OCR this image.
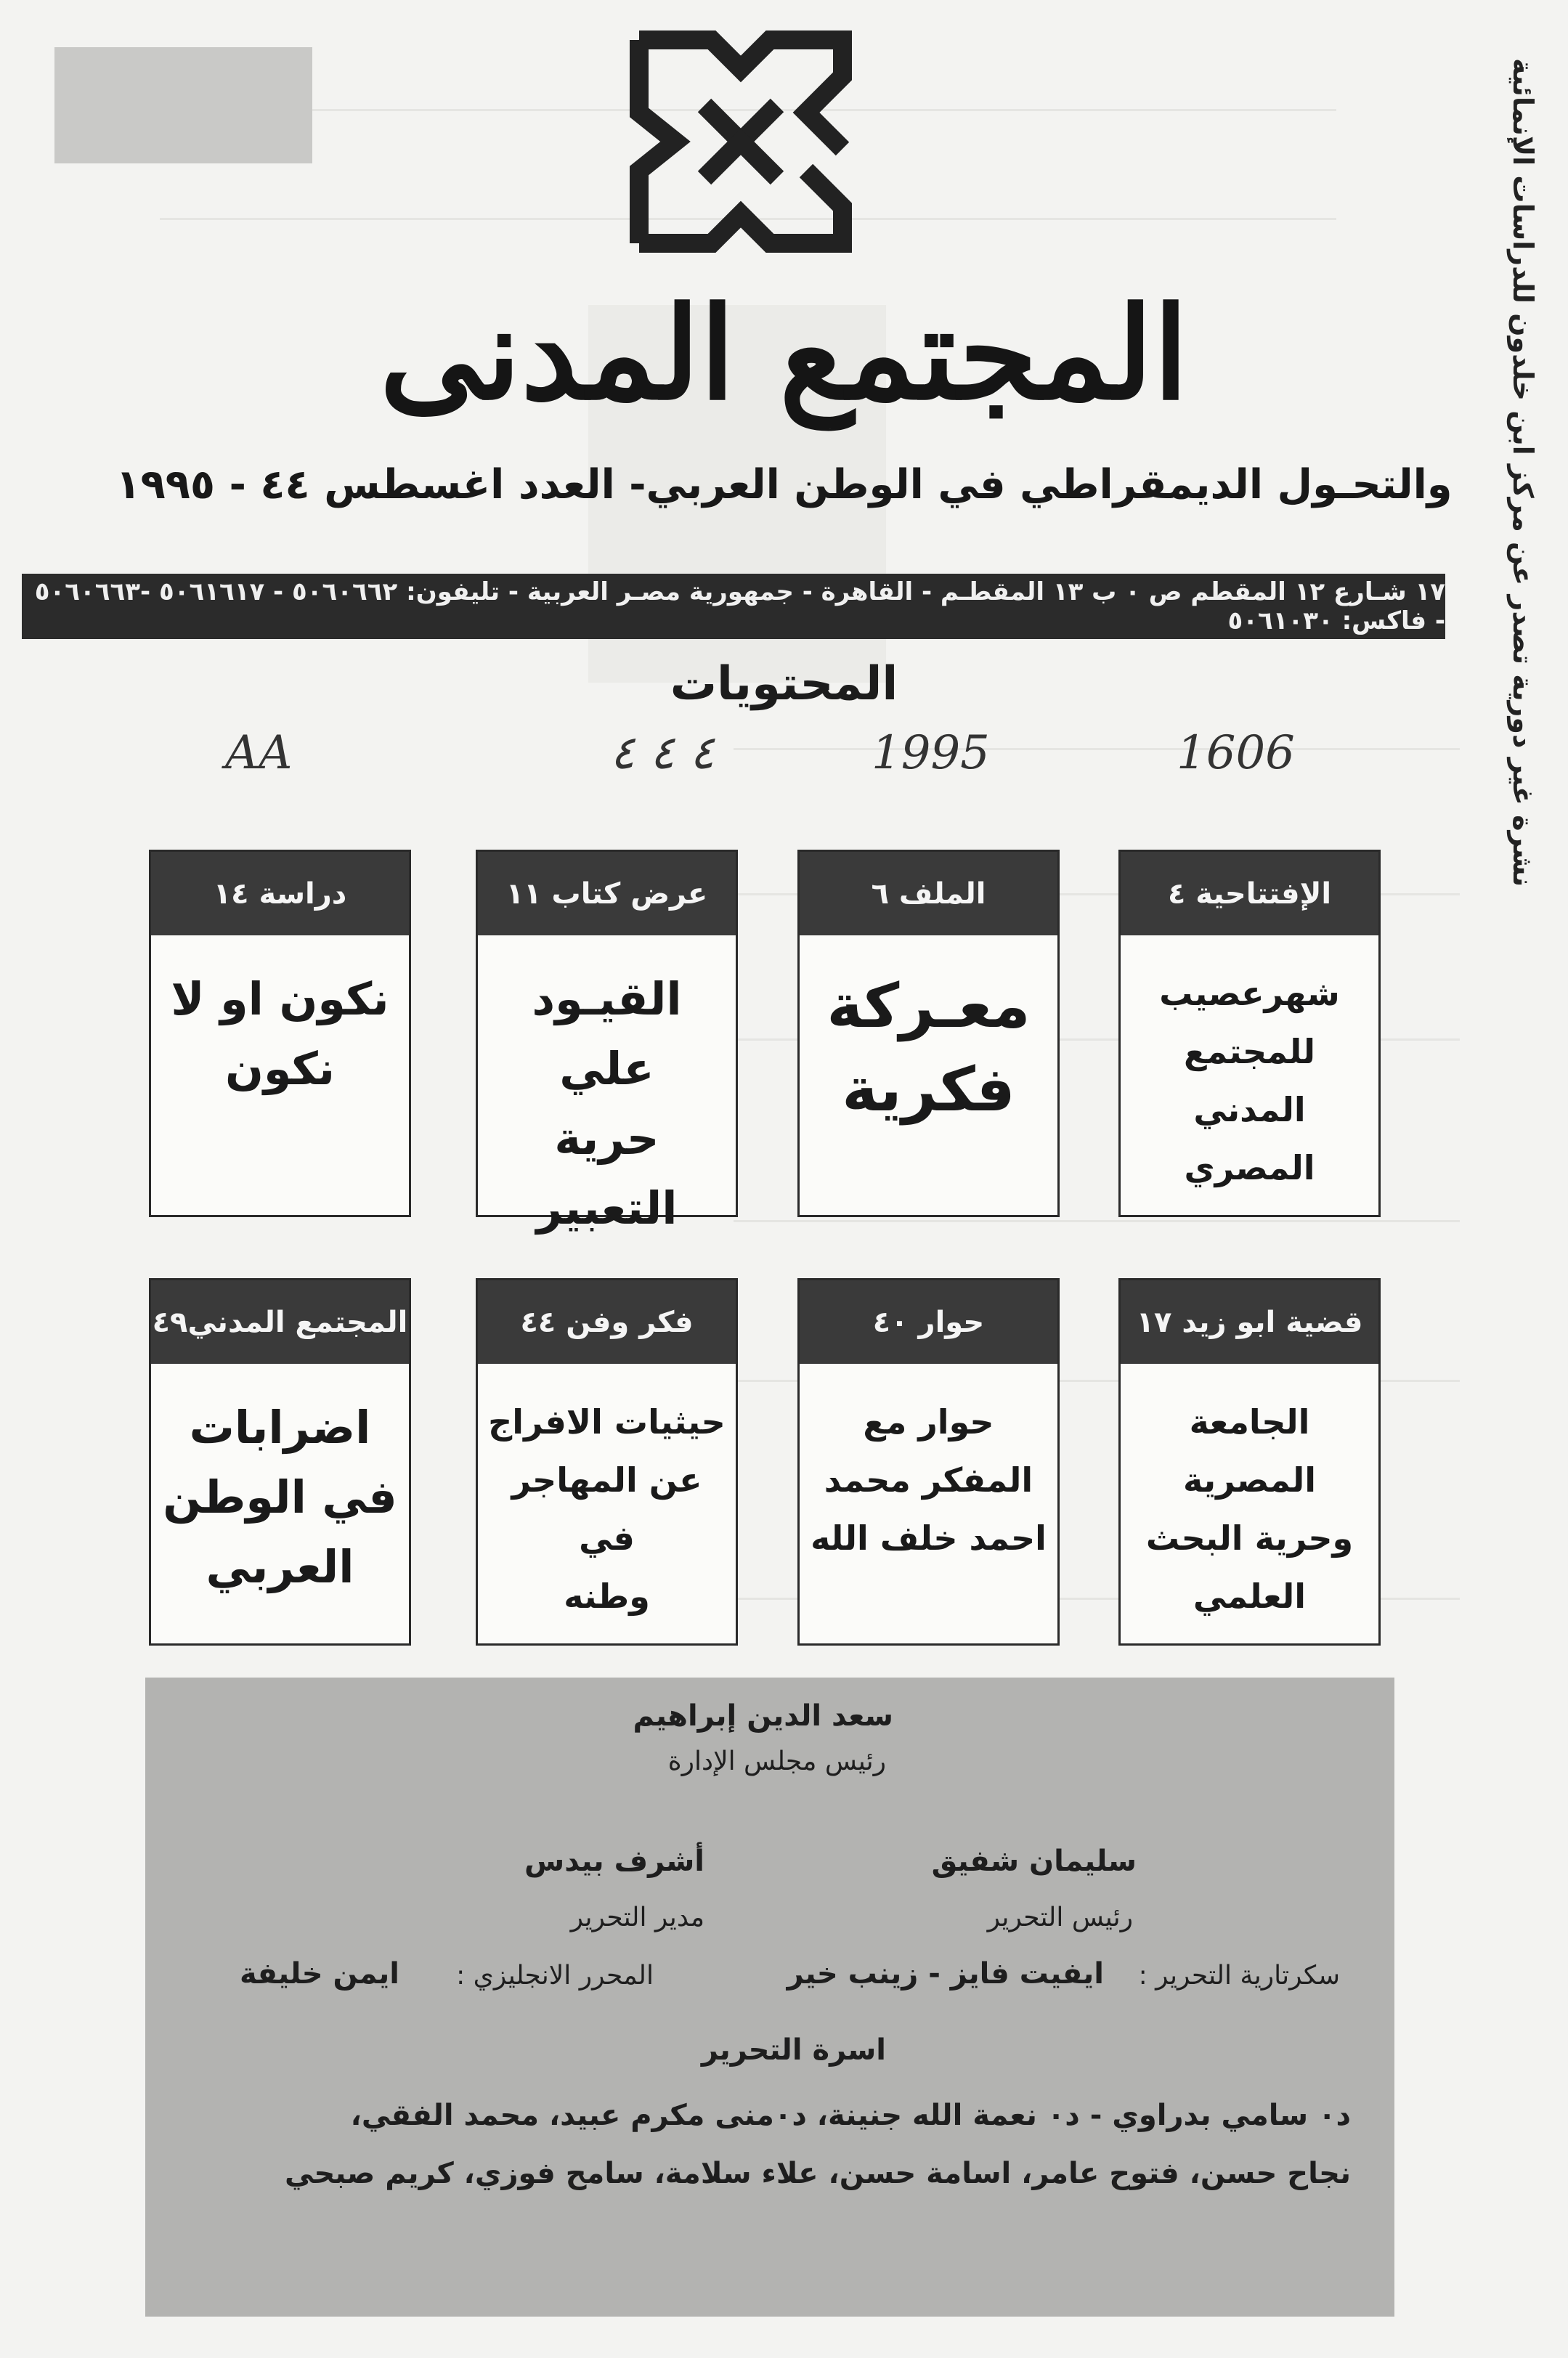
نشرة غير دورية تصدر عن مركز ابن خلدون للدراسات الإنمائية
المجتمع المدنى
والتحـول الديمقراطي في الوطن العربي- العدد اغسطس ٤٤ - ١٩٩٥
١٧ شـارع ١٢ المقطم ص ٠ ب ١٣ المقطـم - القاهرة - جمهورية مصـر العربية - تليفون: ٥٠٦٠٦٦٢ - ٥٠٦١٦١٧ -٥٠٦٠٦٦٣ - فاكس: ٥٠٦١٠٣٠
المحتويات
1606
1995
٤ ٤ ٤
AA
الإفتتاحية ٤
شهرعصيب
للمجتمع
المدني المصري
الملف ٦
معـركة
فكرية
عرض كتاب ١١
القيـود علي
حرية التعبير
دراسة ١٤
نكون او لا
نكون
قضية ابو زيد ١٧
الجامعة
المصرية
وحرية البحث
العلمي
حوار ٤٠
حوار مع
المفكر محمد
احمد خلف الله
فكر وفن ٤٤
حيثيات الافراج
عن المهاجر في
وطنه
المجتمع المدني٤٩
اضرابات
في الوطن
العربي
سعد الدين إبراهيم
رئيس مجلس الإدارة
سليمان شفيق
رئيس التحرير
أشرف بيدس
مدير التحرير
سكرتارية التحرير :
ايفيت فايز - زينب خير
المحرر الانجليزي :
ايمن خليفة
اسرة التحرير
د٠ سامي بدراوي - د٠ نعمة الله جنينة، د٠منى مكرم عبيد، محمد الفقي،
نجاح حسن، فتوح عامر، اسامة حسن، علاء سلامة، سامح فوزي، كريم صبحي
